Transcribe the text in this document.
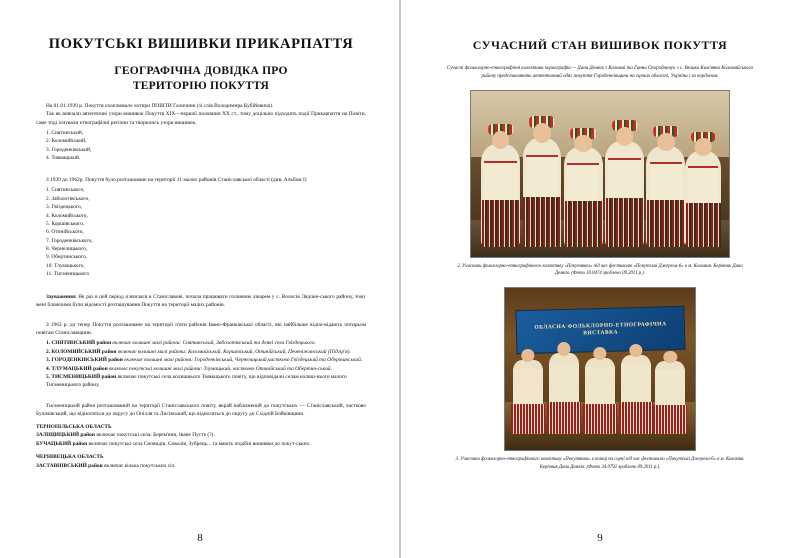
ПОКУТСЬКІ ВИШИВКИ ПРИКАРПАТТЯ
ГЕОГРАФІЧНА ДОВІДКА ПРО
ТЕРИТОРІЮ ПОКУТТЯ

На 01.01.1939 р. Покуття охоплювало чотири ПОВІТИ Галичини (зі слів Володимира Кубійовича).

Так як вивчали автентичні узори вишивок Покуття XIX—першої половини XX ст., тому доцільно підходять події Прикарпаття на Повіти, саме тоді існували етнографічні регіони та творились узори вишивок.

1. Снятинський,
2. Коломийський,
3. Городенківський,
4. Товмацький.

З 1939 до 1962р. Покуття було розташоване на території 11 малих районів Станіславської області (див. Альбом І)

1. Снятинського,
2. Заболотівського,
3. Гвіздецького,
4. Коломийського,
5. Коршівського,
6. Отинійського,
7. Городенківського,
8. Чернелицького,
9. Обертинського,
10. Тлумацького,
11. Тисменицького

Зауваження: Як раз в цей період я вчилася в Станіславові, почала працювати головним лікарем у с. Волосів Лядчен-ського району, тому мені ближчими були відомості розташування Покуття на території малих районів.

З 1963 р. до тепер Покуття розташоване на території п'яти районів Івано-Франківської області, які найбільше відпо-відають чотирьом повітам Станіславщини.

1. СНЯТИНСЬКИЙ район включає колишні малі райони: Снятинський, Заболотівський та деякі села Гвіздецького.
2. КОЛОМИЙСЬКИЙ район включає колишні малі райони: Коломийський, Коршівський, Отинійський, Печеніжинський (Підгір'я).
3. ГОРОДЕНКІВСЬКИЙ район включає колишні малі райони: Городенківський, Чернелицький,частково Гвіздецький та Обертинський.
4. ТЛУМАЦЬКИЙ район включає покутські колишні малі райони: Тлумацький, частково Отинійський та Обертин-ський.
5. ТИСМЕНИЦЬКИЙ район включає покутські села колишнього Товмацького повіту, що відповідали селам колиш-нього малого Тисменицького району.

Тисменицький район розташований на території Станіславського повіту, вкрай наближений до покутських — Станіславський, частково Бучачівський, що відносяться до округу до Опілля та Лисівський, що відносяться до округу до Східній Бойківщини.

ТЕРНОПІЛЬСЬКА ОБЛАСТЬ
ЗАЛІЩИЦЬКИЙ район включає покутські села: Берем'яни, Іване Пусте (?).
БУЧАЦЬКИЙ район включає покутські села Сновидів, Соколів, Зубрець... та мають подібні вишивки до покут-ських.
ЧЕРНІВЕЦЬКА ОБЛАСТЬ
ЗАСТАВНІВСЬКИЙ район включає кілька покутських сіл.
8
СУЧАСНИЙ СТАН ВИШИВОК ПОКУТТЯ
Сучасні фольклорно-етнографічні колективи хореографів — Дана Демків з Коломиї та Ганна Огородничук з с. Велика Кам'янка Коломийського району представляють автентичний одяг покуття Городенківщини на сценах області, України і за кордоном.
2. Учасники фольклорно-етнографічного колективу «Покутянка» під час фестивалю «Покутські Джерела-6» в м. Коломия. Керівник Дана Демків. (Фото 10.0474 зроблено 09.2011 р.).
ОБЛАСНА ФОЛЬКЛОРНО-ЕТНОГРАФІЧНА ВИСТАВКА
3. Учасники фольклорно-етнографічного колективу «Покутянка» в танці на сцені під час фестивалю «Покутські Джерела-6» в м. Коломия. Керівник Дана Демків. (Фото 34.0792 зроблено 09.2011 р.).
9
